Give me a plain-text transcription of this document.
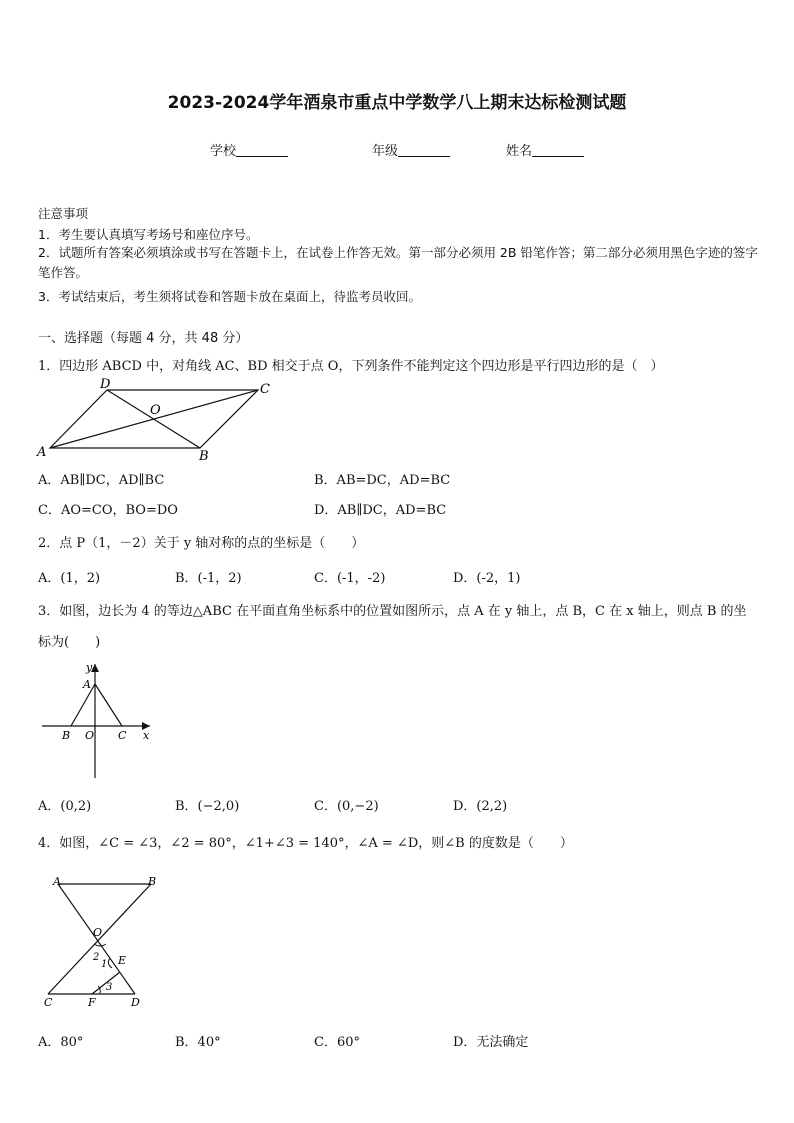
2023-2024学年酒泉市重点中学数学八上期末达标检测试题
学校	年级	姓名
注意事项
1．考生要认真填写考场号和座位序号。
2．试题所有答案必须填涂或书写在答题卡上，在试卷上作答无效。第一部分必须用 2B 铅笔作答；第二部分必须用黑色字迹的签字笔作答。
3．考试结束后，考生须将试卷和答题卡放在桌面上，待监考员收回。
一、选择题（每题 4 分，共 48 分）
1．四边形 ABCD 中，对角线 AC、BD 相交于点 O，下列条件不能判定这个四边形是平行四边形的是（　）
D	C
O
A	B
A．AB∥DC，AD∥BC	B．AB=DC，AD=BC
C．AO=CO，BO=DO	D．AB∥DC，AD=BC
2．点 P（1，－2）关于 y 轴对称的点的坐标是（　　）
A．(1，2)	B．(-1，2)	C．(-1，-2)	D．(-2，1)
3．如图，边长为 4 的等边△ABC 在平面直角坐标系中的位置如图所示，点 A 在 y 轴上，点 B，C 在 x 轴上，则点 B 的坐标为(　　)
y
A
B O C x
A．(0,2)	B．(−2,0)	C．(0,−2)	D．(2,2)
4．如图，∠C = ∠3，∠2 = 80°，∠1+∠3 = 140°，∠A = ∠D，则∠B 的度数是（　　）
A	B
O
2
1 E
3
C	F	D
A．80°	B．40°	C．60°	D．无法确定
